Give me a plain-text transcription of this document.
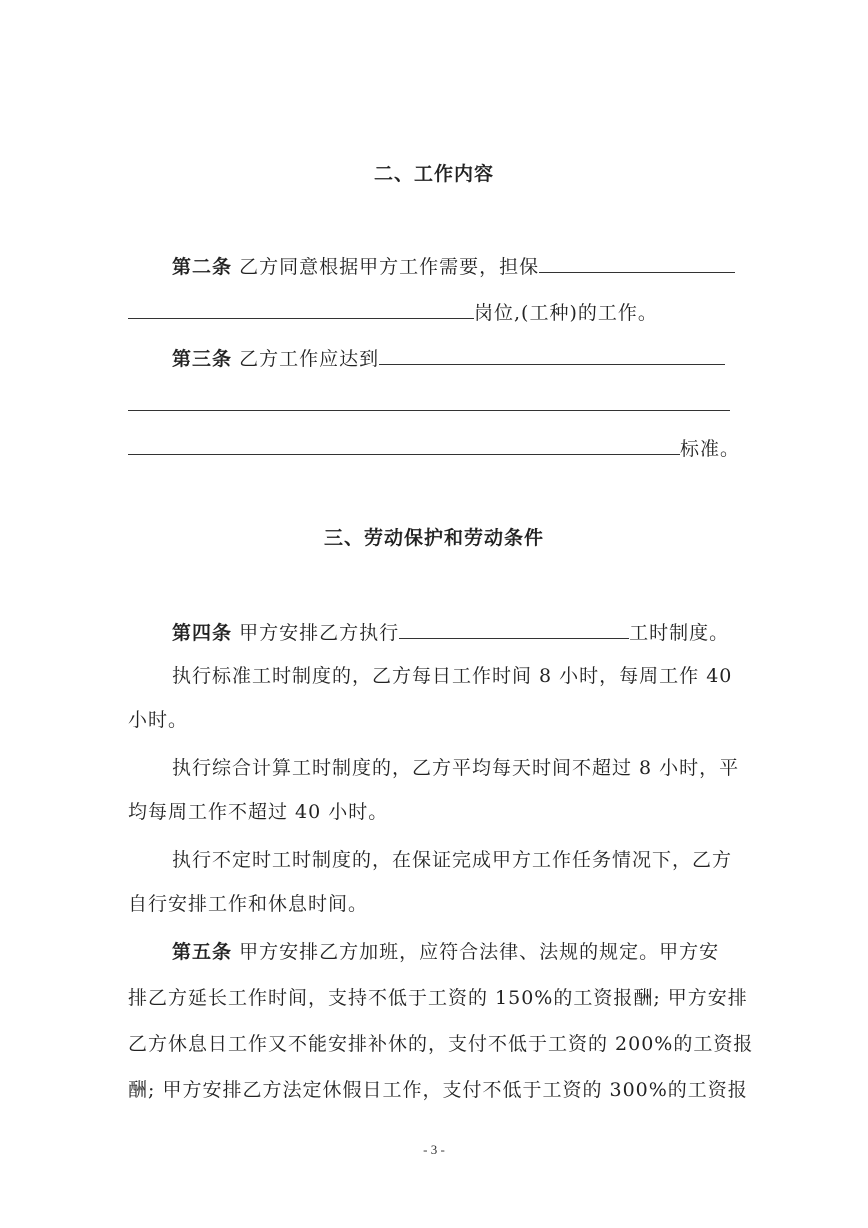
二、工作内容
第二条 乙方同意根据甲方工作需要，担保
岗位,(工种)的工作。
第三条 乙方工作应达到
标准。
三、劳动保护和劳动条件
第四条 甲方安排乙方执行	工时制度。
执行标准工时制度的，乙方每日工作时间 8 小时，每周工作 40
小时。
执行综合计算工时制度的，乙方平均每天时间不超过 8 小时，平
均每周工作不超过 40 小时。
执行不定时工时制度的，在保证完成甲方工作任务情况下，乙方
自行安排工作和休息时间。
第五条 甲方安排乙方加班，应符合法律、法规的规定。甲方安
排乙方延长工作时间，支持不低于工资的 150%的工资报酬; 甲方安排
乙方休息日工作又不能安排补休的，支付不低于工资的 200%的工资报
酬; 甲方安排乙方法定休假日工作，支付不低于工资的 300%的工资报
- 3 -
